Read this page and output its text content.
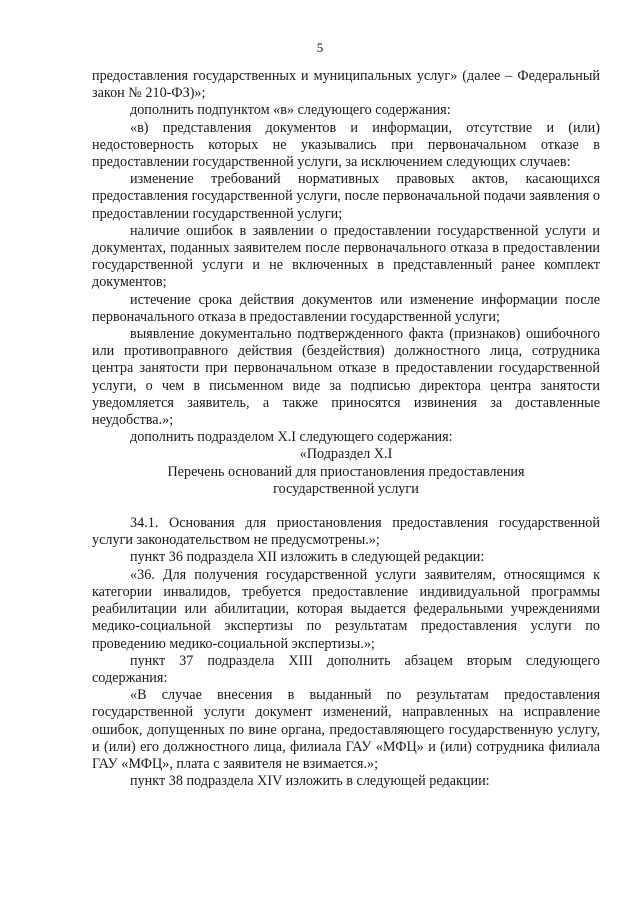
5

предоставления государственных и муниципальных услуг» (далее – Федеральный закон № 210-ФЗ)»;

дополнить подпунктом «в» следующего содержания:

«в) представления документов и информации, отсутствие и (или) недостоверность которых не указывались при первоначальном отказе в предоставлении государственной услуги, за исключением следующих случаев:

изменение требований нормативных правовых актов, касающихся предоставления государственной услуги, после первоначальной подачи заявления о предоставлении государственной услуги;

наличие ошибок в заявлении о предоставлении государственной услуги и документах, поданных заявителем после первоначального отказа в предоставлении государственной услуги и не включенных в представленный ранее комплект документов;

истечение срока действия документов или изменение информации после первоначального отказа в предоставлении государственной услуги;

выявление документально подтвержденного факта (признаков) ошибочного или противоправного действия (бездействия) должностного лица, сотрудника центра занятости при первоначальном отказе в предоставлении государственной услуги, о чем в письменном виде за подписью директора центра занятости уведомляется заявитель, а также приносятся извинения за доставленные неудобства.»;

дополнить подразделом X.I следующего содержания:

«Подраздел X.I

Перечень оснований для приостановления предоставления

государственной услуги

34.1. Основания для приостановления предоставления государственной услуги законодательством не предусмотрены.»;

пункт 36 подраздела XII изложить в следующей редакции:

«36. Для получения государственной услуги заявителям, относящимся к категории инвалидов, требуется предоставление индивидуальной программы реабилитации или абилитации, которая выдается федеральными учреждениями медико-социальной экспертизы по результатам предоставления услуги по проведению медико-социальной экспертизы.»;

пункт 37 подраздела XIII дополнить абзацем вторым следующего содержания:

«В случае внесения в выданный по результатам предоставления государственной услуги документ изменений, направленных на исправление ошибок, допущенных по вине органа, предоставляющего государственную услугу, и (или) его должностного лица, филиала ГАУ «МФЦ» и (или) сотрудника филиала ГАУ «МФЦ», плата с заявителя не взимается.»;

пункт 38 подраздела XIV изложить в следующей редакции:
